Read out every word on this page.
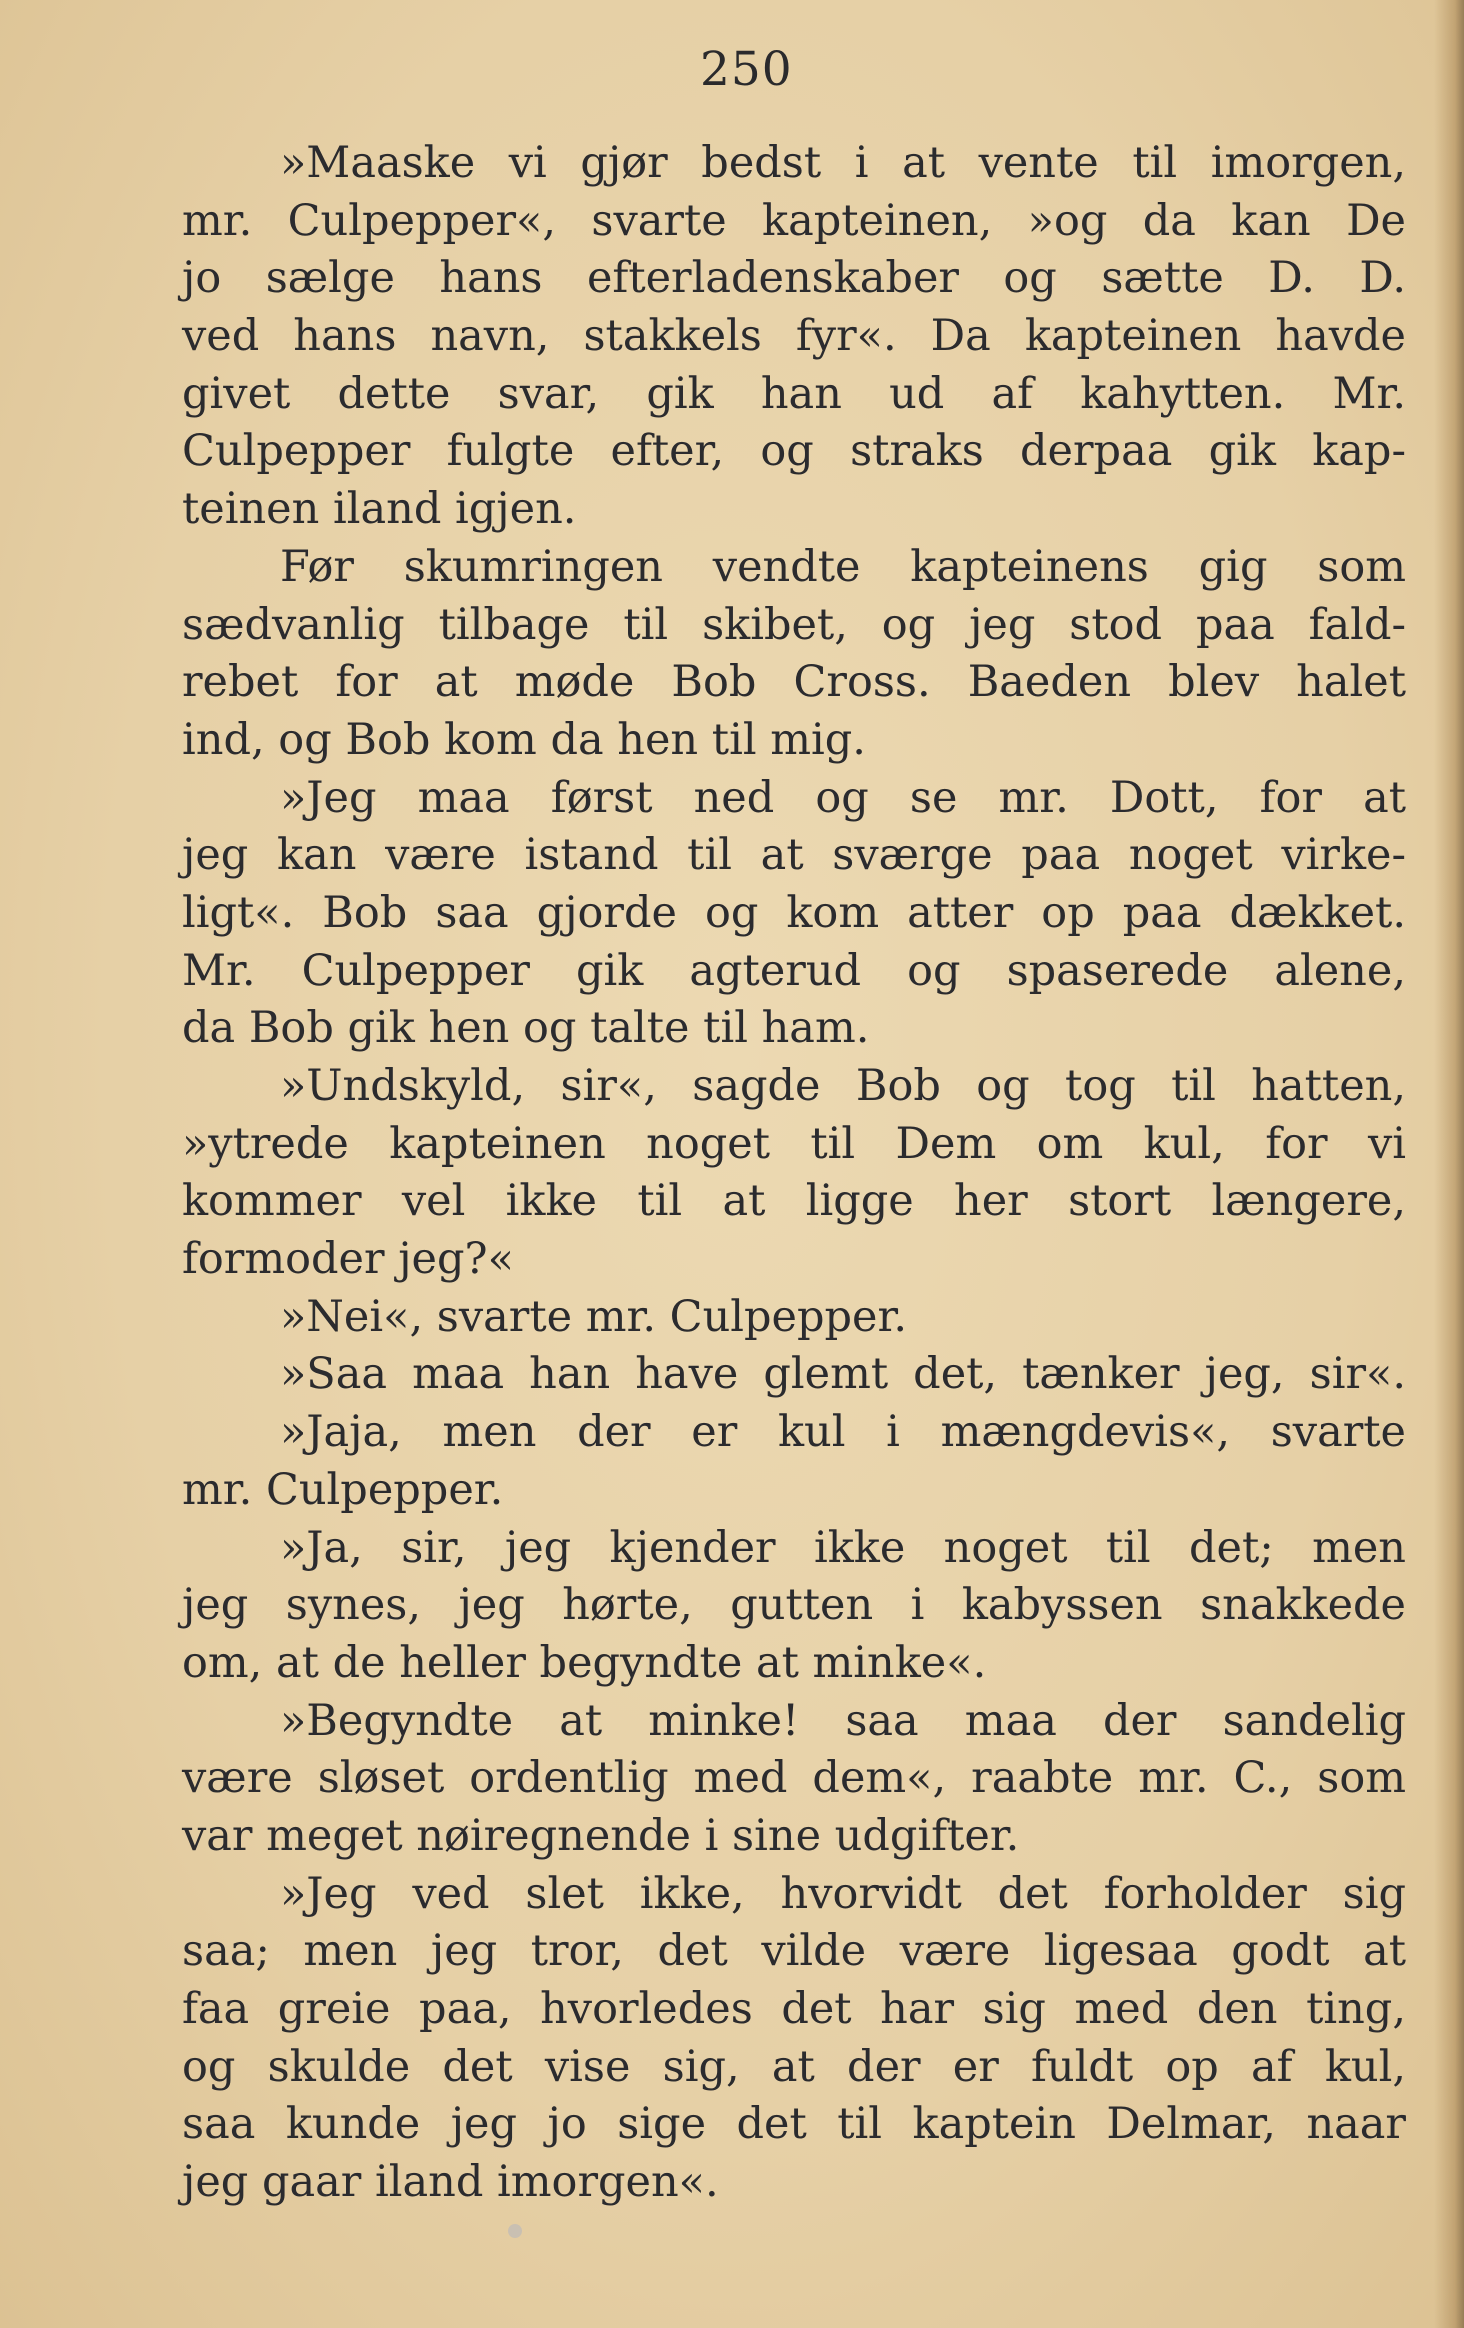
250
»Maaske vi gjør bedst i at vente til imorgen,
mr. Culpepper«, svarte kapteinen, »og da kan De
jo sælge hans efterladenskaber og sætte D. D.
ved hans navn, stakkels fyr«. Da kapteinen havde
givet dette svar, gik han ud af kahytten. Mr.
Culpepper fulgte efter, og straks derpaa gik kap-
teinen iland igjen.
Før skumringen vendte kapteinens gig som
sædvanlig tilbage til skibet, og jeg stod paa fald-
rebet for at møde Bob Cross. Baeden blev halet
ind, og Bob kom da hen til mig.
»Jeg maa først ned og se mr. Dott, for at
jeg kan være istand til at sværge paa noget virke-
ligt«. Bob saa gjorde og kom atter op paa dækket.
Mr. Culpepper gik agterud og spaserede alene,
da Bob gik hen og talte til ham.
»Undskyld, sir«, sagde Bob og tog til hatten,
»ytrede kapteinen noget til Dem om kul, for vi
kommer vel ikke til at ligge her stort længere,
formoder jeg?«
»Nei«, svarte mr. Culpepper.
»Saa maa han have glemt det, tænker jeg, sir«.
»Jaja, men der er kul i mængdevis«, svarte
mr. Culpepper.
»Ja, sir, jeg kjender ikke noget til det; men
jeg synes, jeg hørte, gutten i kabyssen snakkede
om, at de heller begyndte at minke«.
»Begyndte at minke! saa maa der sandelig
være sløset ordentlig med dem«, raabte mr. C., som
var meget nøiregnende i sine udgifter.
»Jeg ved slet ikke, hvorvidt det forholder sig
saa; men jeg tror, det vilde være ligesaa godt at
faa greie paa, hvorledes det har sig med den ting,
og skulde det vise sig, at der er fuldt op af kul,
saa kunde jeg jo sige det til kaptein Delmar, naar
jeg gaar iland imorgen«.
